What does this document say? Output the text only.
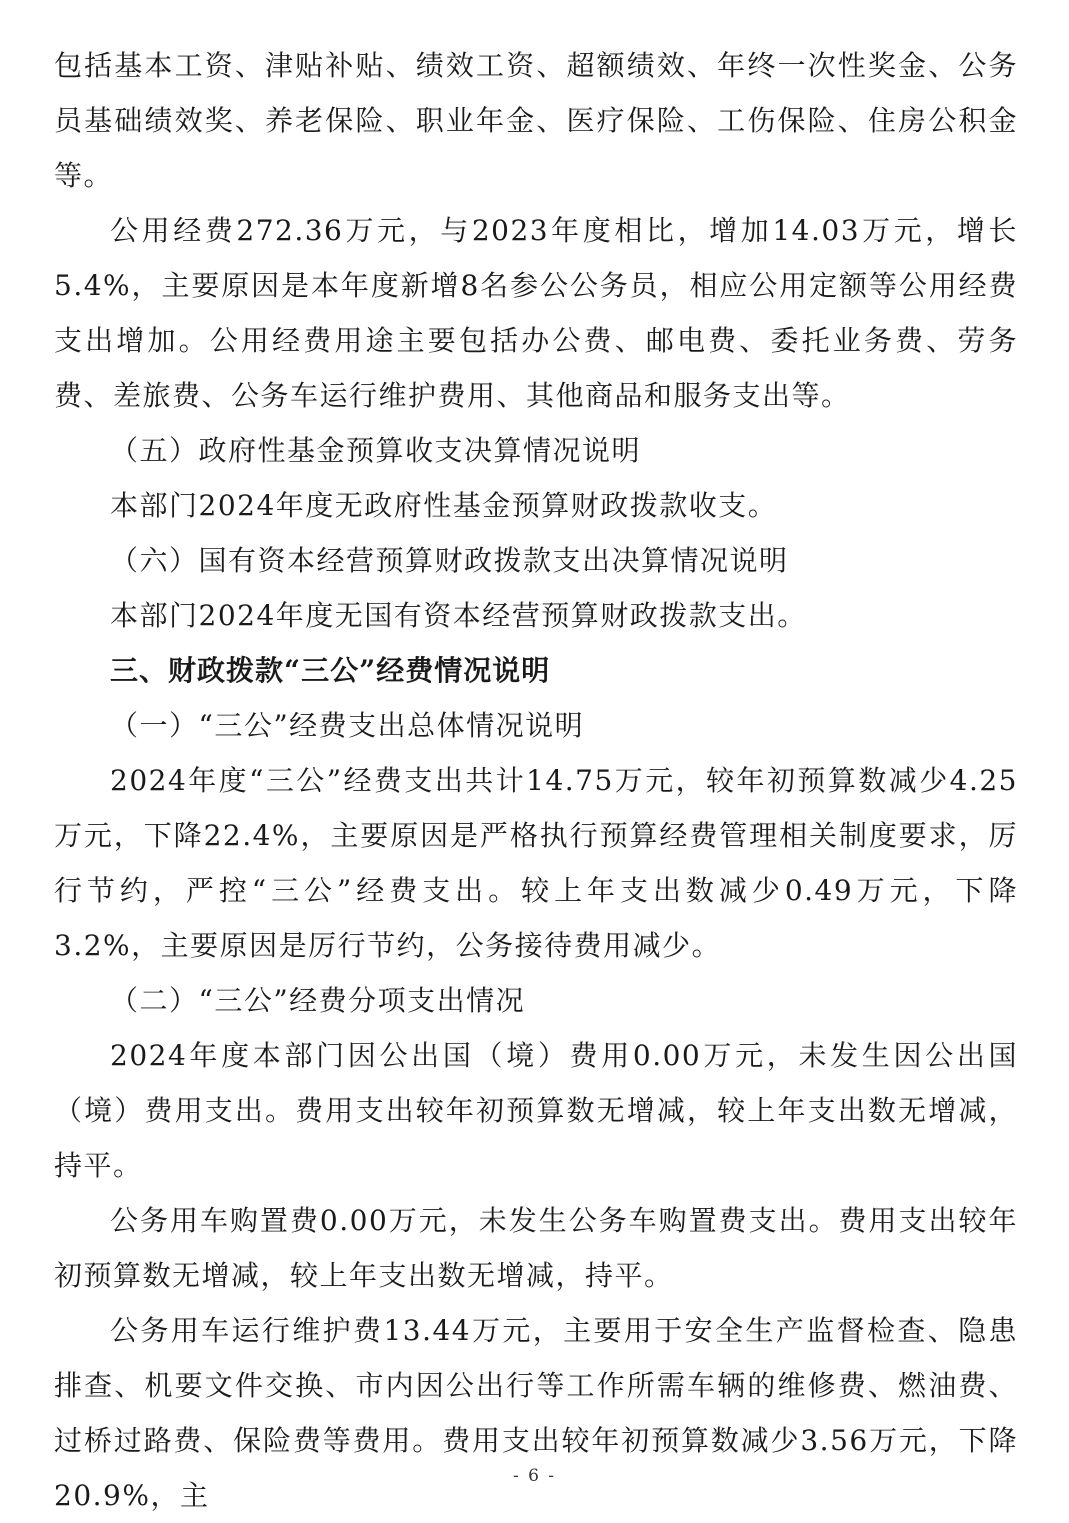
包括基本工资、津贴补贴、绩效工资、超额绩效、年终一次性奖金、公务员基础绩效奖、养老保险、职业年金、医疗保险、工伤保险、住房公积金等。

公用经费272.36万元，与2023年度相比，增加14.03万元，增长5.4%，主要原因是本年度新增8名参公公务员，相应公用定额等公用经费支出增加。公用经费用途主要包括办公费、邮电费、委托业务费、劳务费、差旅费、公务车运行维护费用、其他商品和服务支出等。

（五）政府性基金预算收支决算情况说明

本部门2024年度无政府性基金预算财政拨款收支。

（六）国有资本经营预算财政拨款支出决算情况说明

本部门2024年度无国有资本经营预算财政拨款支出。

三、财政拨款“三公”经费情况说明

（一）“三公”经费支出总体情况说明

2024年度“三公”经费支出共计14.75万元，较年初预算数减少4.25万元，下降22.4%，主要原因是严格执行预算经费管理相关制度要求，厉行节约，严控“三公”经费支出。较上年支出数减少0.49万元，下降3.2%，主要原因是厉行节约，公务接待费用减少。

（二）“三公”经费分项支出情况

2024年度本部门因公出国（境）费用0.00万元，未发生因公出国（境）费用支出。费用支出较年初预算数无增减，较上年支出数无增减，持平。

公务用车购置费0.00万元，未发生公务车购置费支出。费用支出较年初预算数无增减，较上年支出数无增减，持平。

公务用车运行维护费13.44万元，主要用于安全生产监督检查、隐患排查、机要文件交换、市内因公出行等工作所需车辆的维修费、燃油费、过桥过路费、保险费等费用。费用支出较年初预算数减少3.56万元，下降20.9%，主

- 6 -
